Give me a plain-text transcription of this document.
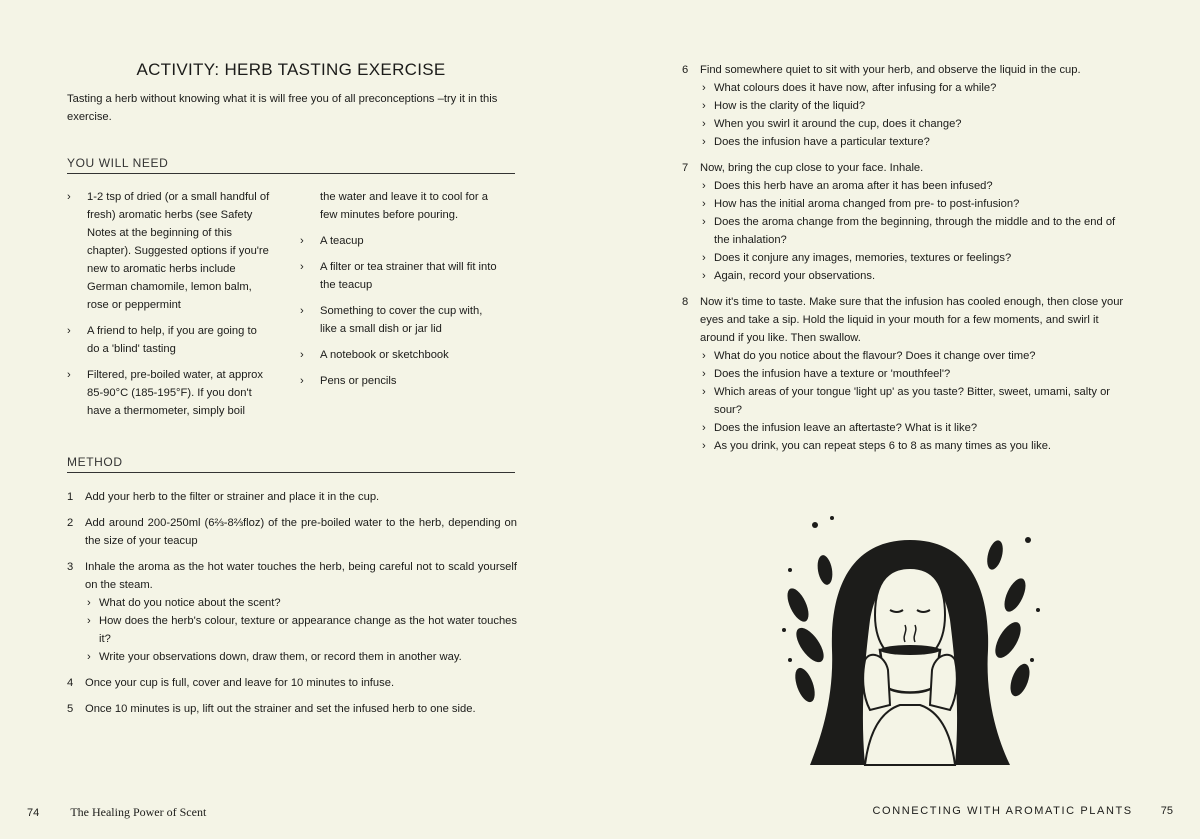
ACTIVITY: HERB TASTING EXERCISE
Tasting a herb without knowing what it is will free you of all preconceptions –try it in this exercise.
YOU WILL NEED
› 1-2 tsp of dried (or a small handful of fresh) aromatic herbs (see Safety Notes at the beginning of this chapter). Suggested options if you're new to aromatic herbs include German chamomile, lemon balm, rose or peppermint
› A friend to help, if you are going to do a 'blind' tasting
› Filtered, pre-boiled water, at approx 85-90°C (185-195°F). If you don't have a thermometer, simply boil
the water and leave it to cool for a few minutes before pouring.
› A teacup
› A filter or tea strainer that will fit into the teacup
› Something to cover the cup with, like a small dish or jar lid
› A notebook or sketchbook
› Pens or pencils
METHOD
1 Add your herb to the filter or strainer and place it in the cup.
2 Add around 200-250ml (6⅔-8⅔floz) of the pre-boiled water to the herb, depending on the size of your teacup
3 Inhale the aroma as the hot water touches the herb, being careful not to scald yourself on the steam.
› What do you notice about the scent?
› How does the herb's colour, texture or appearance change as the hot water touches it?
› Write your observations down, draw them, or record them in another way.
4 Once your cup is full, cover and leave for 10 minutes to infuse.
5 Once 10 minutes is up, lift out the strainer and set the infused herb to one side.
74	The Healing Power of Scent
6 Find somewhere quiet to sit with your herb, and observe the liquid in the cup.
› What colours does it have now, after infusing for a while?
› How is the clarity of the liquid?
› When you swirl it around the cup, does it change?
› Does the infusion have a particular texture?
7 Now, bring the cup close to your face. Inhale.
› Does this herb have an aroma after it has been infused?
› How has the initial aroma changed from pre- to post-infusion?
› Does the aroma change from the beginning, through the middle and to the end of the inhalation?
› Does it conjure any images, memories, textures or feelings?
› Again, record your observations.
8 Now it's time to taste. Make sure that the infusion has cooled enough, then close your eyes and take a sip. Hold the liquid in your mouth for a few moments, and swirl it around if you like. Then swallow.
› What do you notice about the flavour? Does it change over time?
› Does the infusion have a texture or 'mouthfeel'?
› Which areas of your tongue 'light up' as you taste? Bitter, sweet, umami, salty or sour?
› Does the infusion leave an aftertaste? What is it like?
› As you drink, you can repeat steps 6 to 8 as many times as you like.
CONNECTING WITH AROMATIC PLANTS	75
